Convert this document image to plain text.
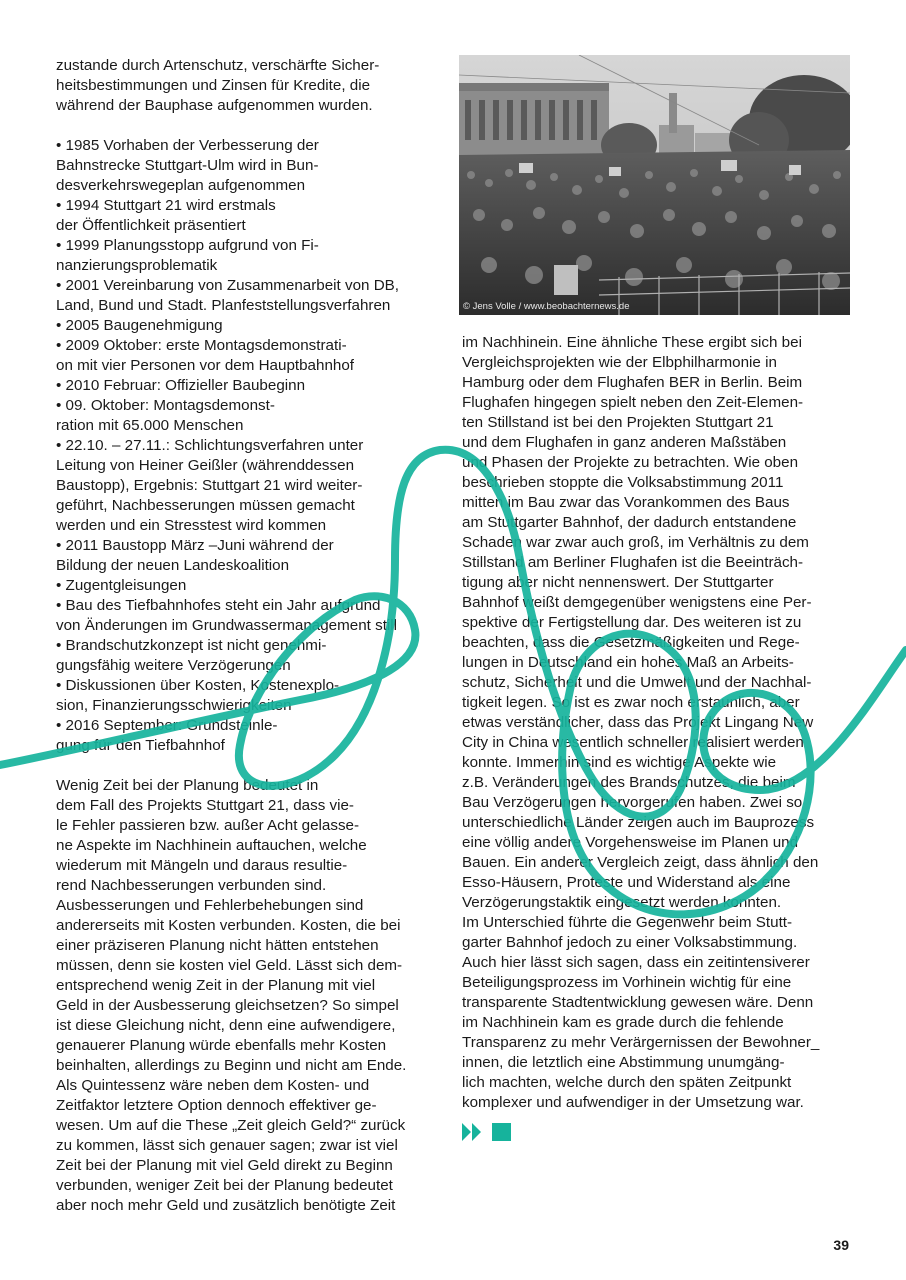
zustande durch Artenschutz, verschärfte Sicher-
heitsbestimmungen und Zinsen für Kredite, die
während der Bauphase aufgenommen wurden.

• 1985 Vorhaben der Verbesserung der
Bahnstrecke Stuttgart-Ulm wird in Bun-
desverkehrswegeplan aufgenommen

• 1994 Stuttgart 21 wird erstmals
der Öffentlichkeit präsentiert

• 1999 Planungsstopp aufgrund von Fi-
nanzierungsproblematik

• 2001 Vereinbarung von Zusammenarbeit von DB,
Land, Bund und Stadt. Planfeststellungsverfahren

• 2005 Baugenehmigung

• 2009 Oktober: erste Montagsdemonstrati-
on mit vier Personen vor dem Hauptbahnhof

• 2010 Februar: Offizieller Baubeginn

• 09. Oktober: Montagsdemonst-
ration mit 65.000 Menschen

• 22.10. – 27.11.: Schlichtungsverfahren unter
Leitung von Heiner Geißler (währenddessen
Baustopp), Ergebnis: Stuttgart 21 wird weiter-
geführt, Nachbesserungen müssen gemacht
werden und ein Stresstest wird kommen

• 2011 Baustopp März –Juni während der
Bildung der neuen Landeskoalition

• Zugentgleisungen

• Bau des Tiefbahnhofes steht ein Jahr aufgrund
von Änderungen im Grundwassermanagement still

• Brandschutzkonzept ist nicht genehmi-
gungsfähig weitere Verzögerungen

• Diskussionen über Kosten, Kostenexplo-
sion, Finanzierungsschwierigkeiten

• 2016 September: Grundsteinle-
gung für den Tiefbahnhof

Wenig Zeit bei der Planung bedeutet in
dem Fall des Projekts Stuttgart 21, dass vie-
le Fehler passieren bzw. außer Acht gelasse-
ne Aspekte im Nachhinein auftauchen, welche
wiederum mit Mängeln und daraus resultie-
rend Nachbesserungen verbunden sind.
Ausbesserungen und Fehlerbehebungen sind
andererseits mit Kosten verbunden. Kosten, die bei
einer präziseren Planung nicht hätten entstehen
müssen, denn sie kosten viel Geld. Lässt sich dem-
entsprechend wenig Zeit in der Planung mit viel
Geld in der Ausbesserung gleichsetzen? So simpel
ist diese Gleichung nicht, denn eine aufwendigere,
genauerer Planung würde ebenfalls mehr Kosten
beinhalten, allerdings zu Beginn und nicht am Ende.
Als Quintessenz wäre neben dem Kosten- und
Zeitfaktor letztere Option dennoch effektiver ge-
wesen. Um auf die These „Zeit gleich Geld?“ zurück
zu kommen, lässt sich genauer sagen; zwar ist viel
Zeit bei der Planung mit viel Geld direkt zu Beginn
verbunden, weniger Zeit bei der Planung bedeutet
aber noch mehr Geld und zusätzlich benötigte Zeit

© Jens Volle / www.beobachternews.de

im Nachhinein. Eine ähnliche These ergibt sich bei
Vergleichsprojekten wie der Elbphilharmonie in
Hamburg oder dem Flughafen BER in Berlin. Beim
Flughafen hingegen spielt neben den Zeit-Elemen-
ten Stillstand ist bei den Projekten Stuttgart 21
und dem Flughafen in ganz anderen Maßstäben
und Phasen der Projekte zu betrachten. Wie oben
beschrieben stoppte die Volksabstimmung 2011
mitten im Bau zwar das Vorankommen des Baus
am Stuttgarter Bahnhof, der dadurch entstandene
Schaden war zwar auch groß, im Verhältnis zu dem
Stillstand am Berliner Flughafen ist die Beeinträch-
tigung aber nicht nennenswert. Der Stuttgarter
Bahnhof weißt demgegenüber wenigstens eine Per-
spektive der Fertigstellung dar. Des weiteren ist zu
beachten, dass die Gesetzmäßigkeiten und Rege-
lungen in Deutschland ein hohes Maß an Arbeits-
schutz, Sicherheit und die Umwelt und der Nachhal-
tigkeit legen. So ist es zwar noch erstaunlich, aber
etwas verständlicher, dass das Projekt Lingang New
City in China wesentlich schneller realisiert werden
konnte. Immerhin sind es wichtige Aspekte wie
z.B. Veränderungen des Brandschutzes, die beim
Bau Verzögerungen hervorgerufen haben. Zwei so
unterschiedliche Länder zeigen auch im Bauprozess
eine völlig andere Vorgehensweise im Planen und
Bauen. Ein anderer Vergleich zeigt, dass ähnlich den
Esso-Häusern, Proteste und Widerstand als eine
Verzögerungstaktik eingesetzt werden konnten.
Im Unterschied führte die Gegenwehr beim Stutt-
garter Bahnhof jedoch zu einer Volksabstimmung.
Auch hier lässt sich sagen, dass ein zeitintensiverer
Beteiligungsprozess im Vorhinein wichtig für eine
transparente Stadtentwicklung gewesen wäre. Denn
im Nachhinein kam es grade durch die fehlende
Transparenz zu mehr Verärgernissen der Bewohner_
innen, die letztlich eine Abstimmung unumgäng-
lich machten, welche durch den späten Zeitpunkt
komplexer und aufwendiger in der Umsetzung war.

39
